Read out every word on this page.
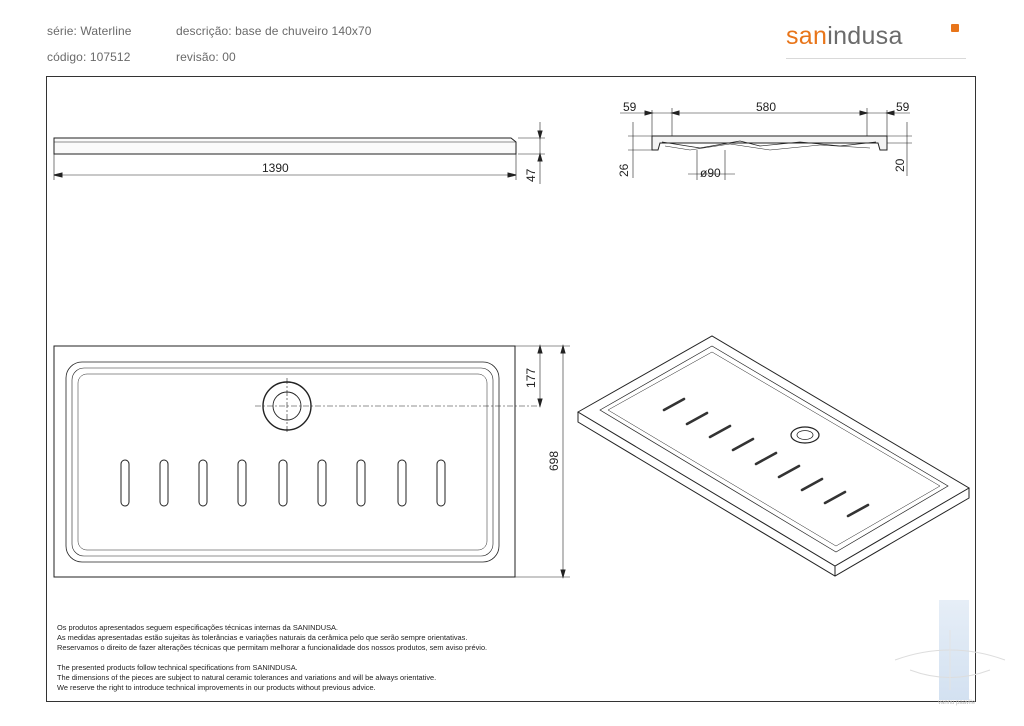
série: Waterline	descrição: base de chuveiro 140x70
código: 107512	revisão: 00
sanindusa
1390
47
59	580	59
26	20
ø90
698
177

Os produtos apresentados seguem especificações técnicas internas da SANINDUSA.

As medidas apresentadas estão sujeitas às tolerâncias e variações naturais da cerâmica pelo que serão sempre orientativas.

Reservamos o direito de fazer alterações técnicas que permitam melhorar a funcionalidade dos nossos produtos, sem aviso prévio.

The presented products follow technical specifications from SANINDUSA.

The dimensions of the pieces are subject to natural ceramic tolerances and variations and will be always orientative.

We reserve the right to introduce technical improvements in our products without previous advice.

vannu paavile
